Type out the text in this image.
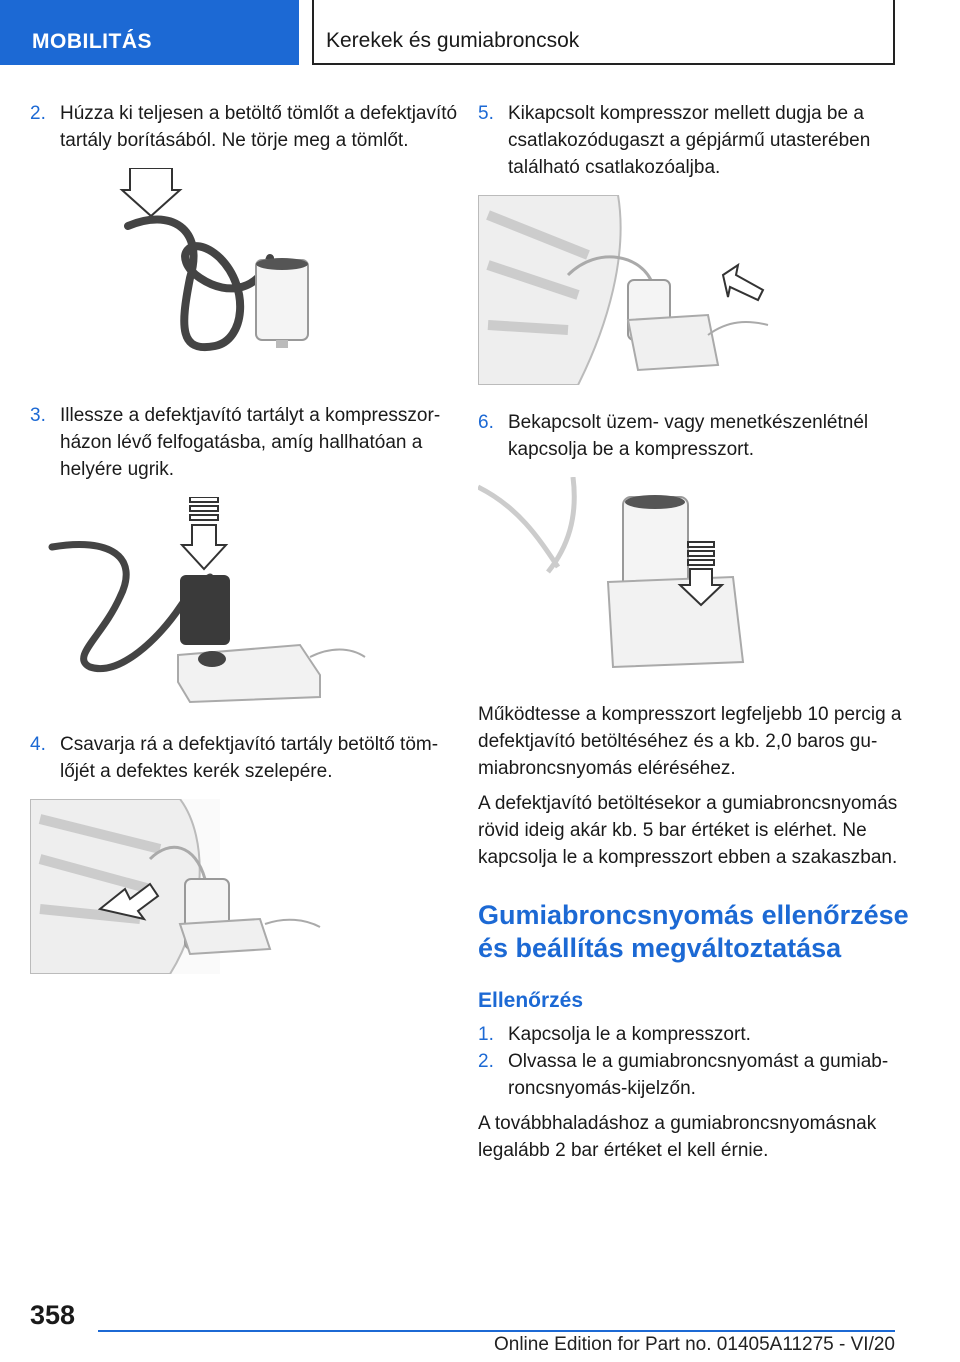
MOBILITÁS	Kerekek és gumiabroncsok
2. Húzza ki teljesen a betöltő tömlőt a defektjavító tartály borításából. Ne törje meg a tömlőt.
3. Illessze a defektjavító tartályt a kompresszorházon lévő felfogatásba, amíg hallhatóan a helyére ugrik.
4. Csavarja rá a defektjavító tartály betöltő tömlőjét a defektes kerék szelepére.
5. Kikapcsolt kompresszor mellett dugja be a csatlakozódugaszt a gépjármű utasterében található csatlakozóaljba.
6. Bekapcsolt üzem- vagy menetkészenlétnél kapcsolja be a kompresszort.
Működtesse a kompresszort legfeljebb 10 percig a defektjavító betöltéséhez és a kb. 2,0 baros gumiabroncsnyomás eléréséhez.
A defektjavító betöltésekor a gumiabroncsnyomás rövid ideig akár kb. 5 bar értéket is elérhet. Ne kapcsolja le a kompresszort ebben a szakaszban.
Gumiabroncsnyomás ellenőrzése és beállítás megváltoztatása
Ellenőrzés
1. Kapcsolja le a kompresszort.
2. Olvassa le a gumiabroncsnyomást a gumiabroncsnyomás-kijelzőn.
A továbbhaladáshoz a gumiabroncsnyomásnak legalább 2 bar értéket el kell érnie.
358
Online Edition for Part no. 01405A11275 - VI/20
